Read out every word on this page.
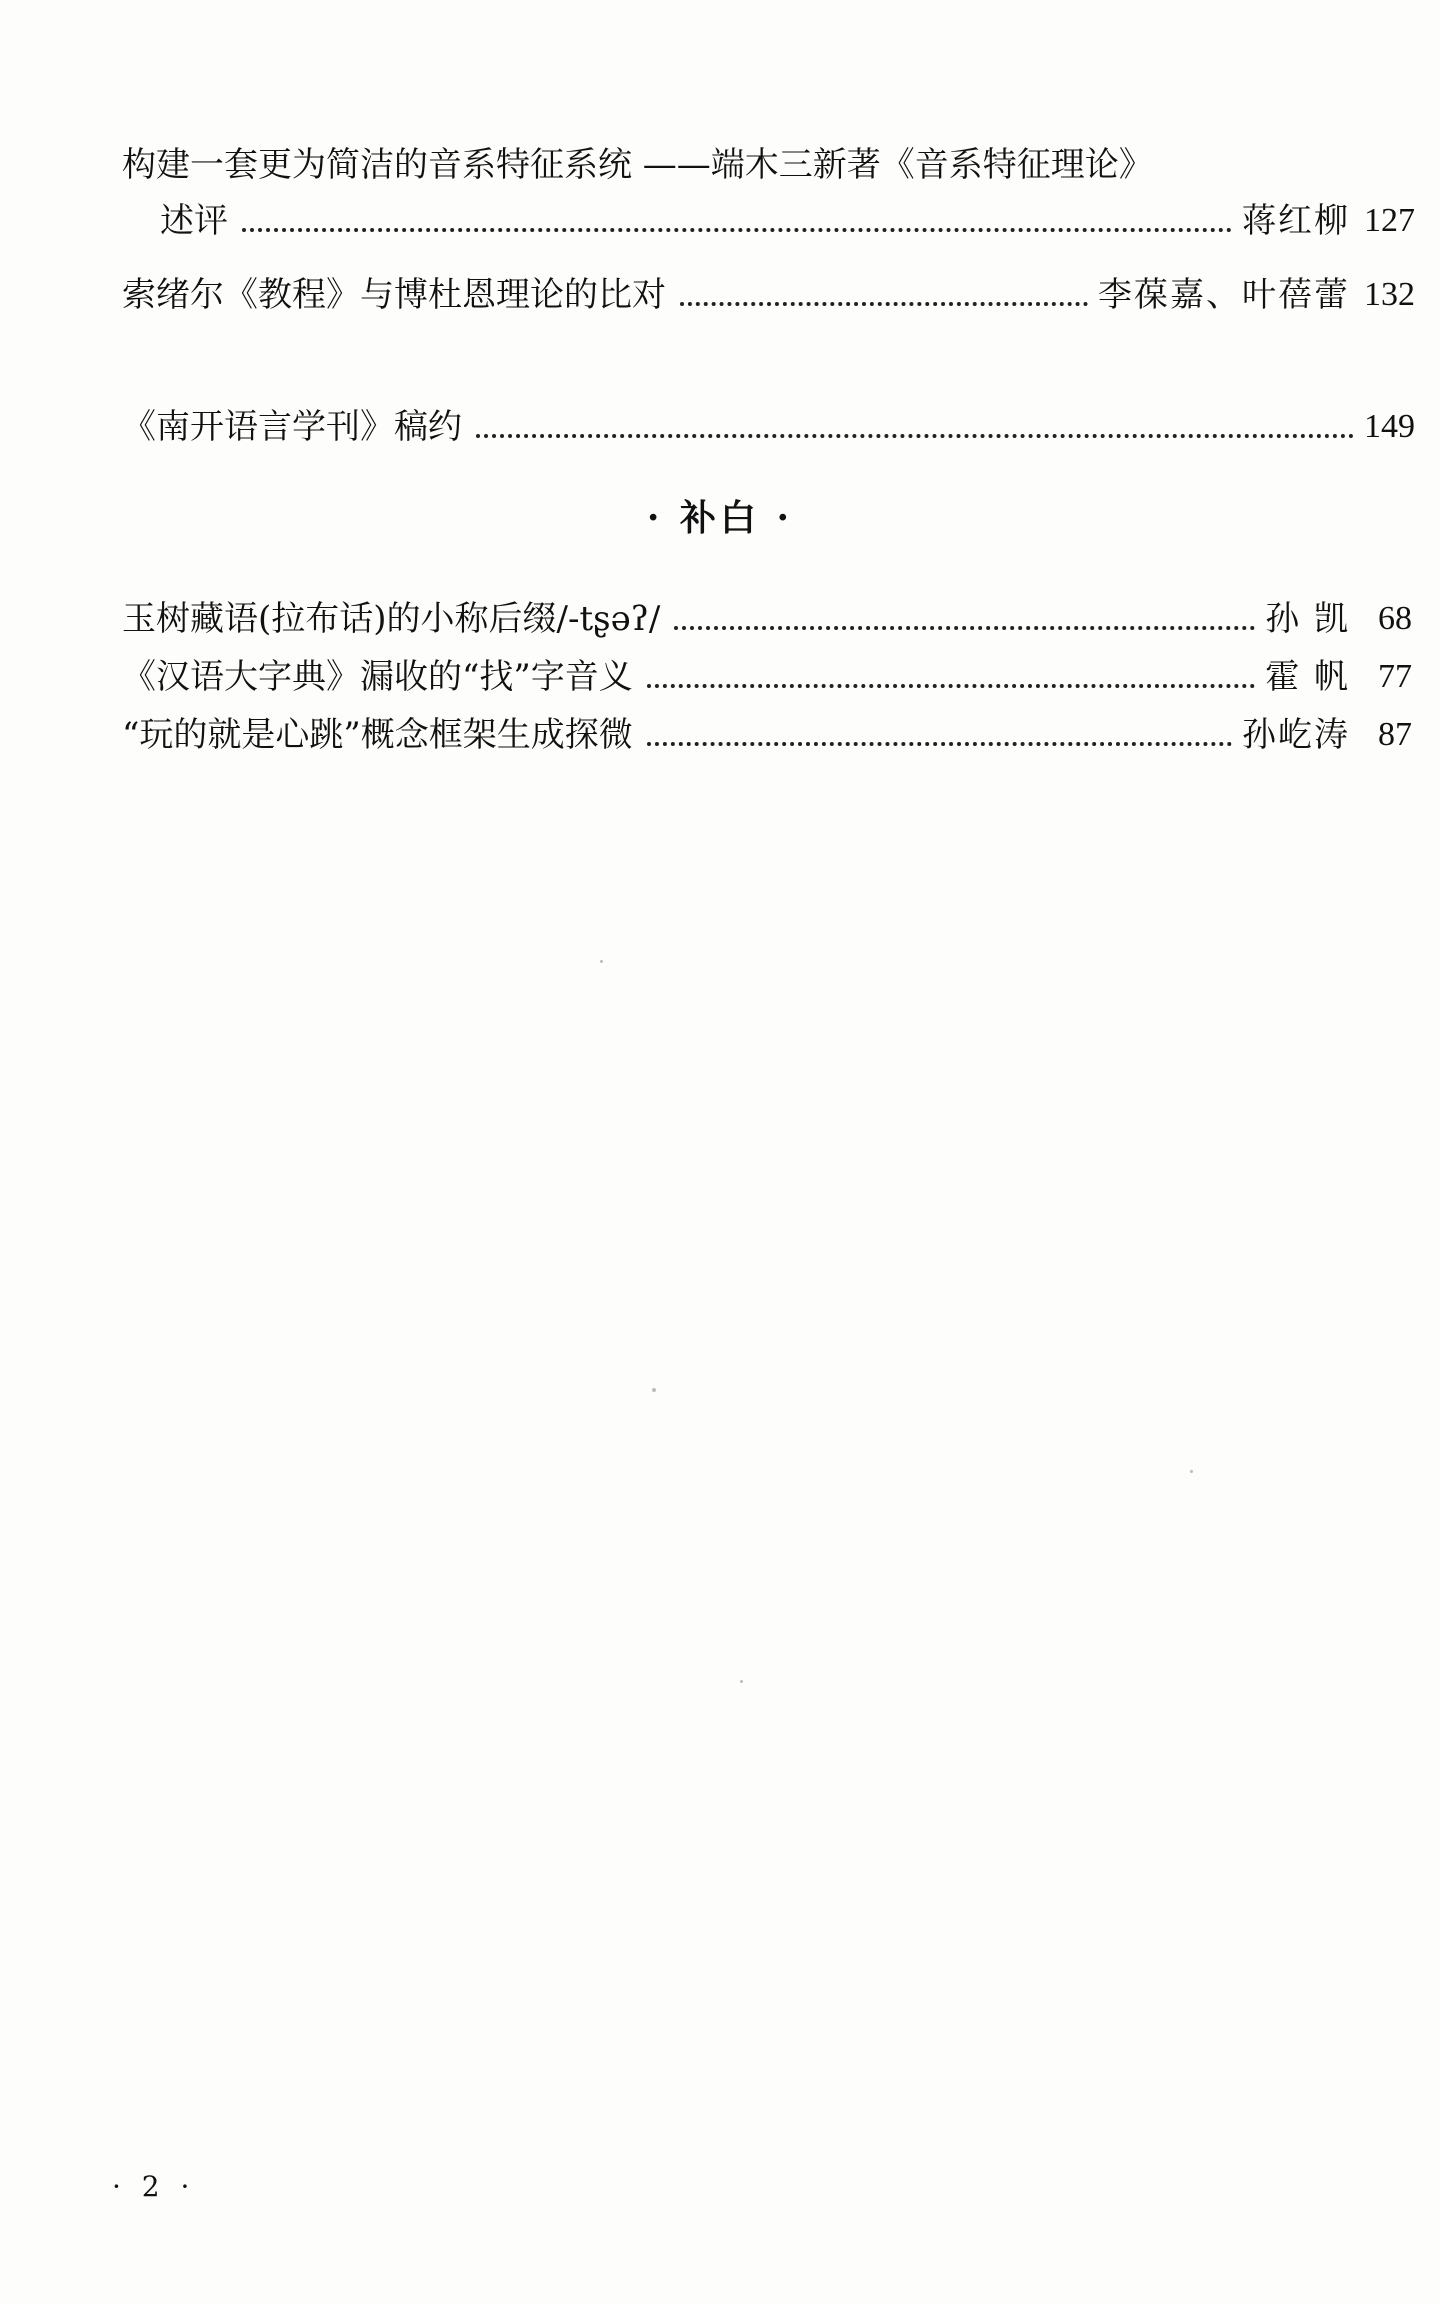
构建一套更为简洁的音系特征系统 ——端木三新著《音系特征理论》
述评	蒋红柳 127
索绪尔《教程》与博杜恩理论的比对	李葆嘉、叶蓓蕾 132
《南开语言学刊》稿约	149
· 补白 ·
玉树藏语(拉布话)的小称后缀/-tʂəʔ/	孙 凯 68
《汉语大字典》漏收的“找”字音义	霍 帆 77
“玩的就是心跳”概念框架生成探微	孙屹涛 87
· 2 ·
